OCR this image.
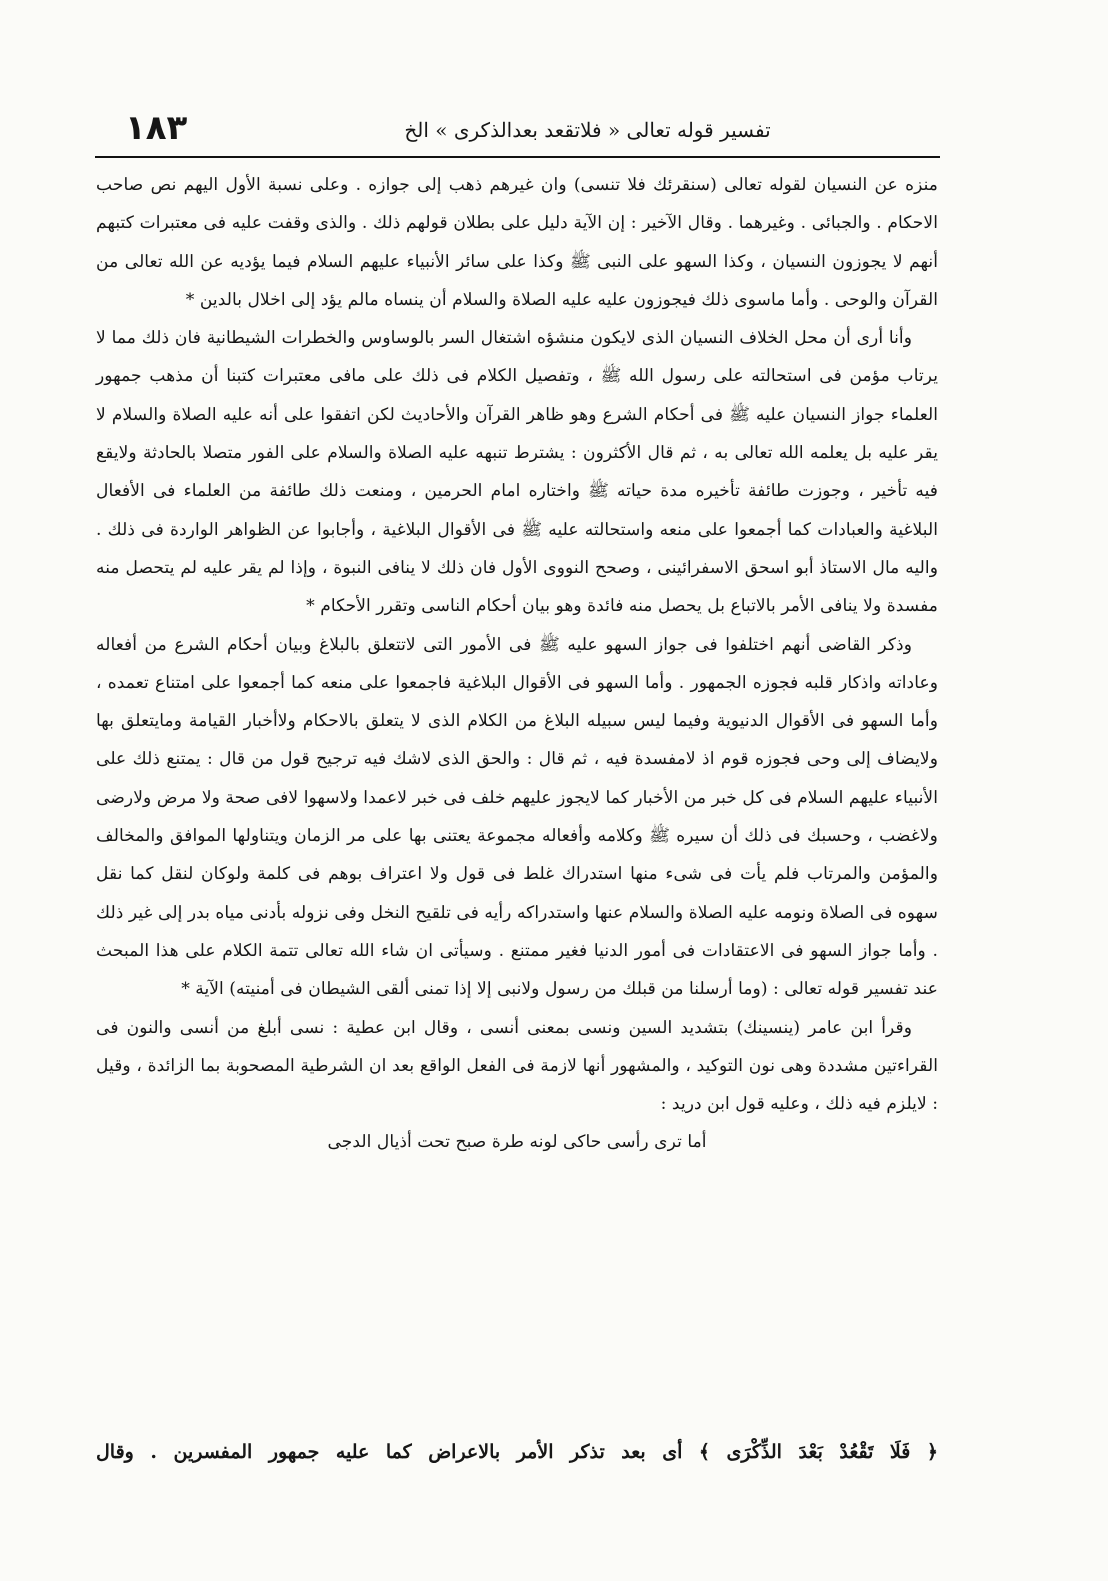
١٨٣	تفسير قوله تعالى « فلاتقعد بعدالذكرى » الخ

منزه عن النسيان لقوله تعالى (سنقرئك فلا تنسى) وان غيرهم ذهب إلى جوازه . وعلى نسبة الأول اليهم نص صاحب الاحكام . والجبائى . وغيرهما . وقال الآخير : إن الآية دليل على بطلان قولهم ذلك . والذى وقفت عليه فى معتبرات كتبهم أنهم لا يجوزون النسيان ، وكذا السهو على النبى ﷺ وكذا على سائر الأنبياء عليهم السلام فيما يؤديه عن الله تعالى من القرآن والوحى . وأما ماسوى ذلك فيجوزون عليه عليه الصلاة والسلام أن ينساه مالم يؤد إلى اخلال بالدين *

وأنا أرى أن محل الخلاف النسيان الذى لايكون منشؤه اشتغال السر بالوساوس والخطرات الشيطانية فان ذلك مما لا يرتاب مؤمن فى استحالته على رسول الله ﷺ ، وتفصيل الكلام فى ذلك على مافى معتبرات كتبنا أن مذهب جمهور العلماء جواز النسيان عليه ﷺ فى أحكام الشرع وهو ظاهر القرآن والأحاديث لكن اتفقوا على أنه عليه الصلاة والسلام لا يقر عليه بل يعلمه الله تعالى به ، ثم قال الأكثرون : يشترط تنبهه عليه الصلاة والسلام على الفور متصلا بالحادثة ولايقع فيه تأخير ، وجوزت طائفة تأخيره مدة حياته ﷺ واختاره امام الحرمين ، ومنعت ذلك طائفة من العلماء فى الأفعال البلاغية والعبادات كما أجمعوا على منعه واستحالته عليه ﷺ فى الأقوال البلاغية ، وأجابوا عن الظواهر الواردة فى ذلك . واليه مال الاستاذ أبو اسحق الاسفرائينى ، وصحح النووى الأول فان ذلك لا ينافى النبوة ، وإذا لم يقر عليه لم يتحصل منه مفسدة ولا ينافى الأمر بالاتباع بل يحصل منه فائدة وهو بيان أحكام الناسى وتقرر الأحكام *

وذكر القاضى أنهم اختلفوا فى جواز السهو عليه ﷺ فى الأمور التى لاتتعلق بالبلاغ وبيان أحكام الشرع من أفعاله وعاداته واذكار قلبه فجوزه الجمهور . وأما السهو فى الأقوال البلاغية فاجمعوا على منعه كما أجمعوا على امتناع تعمده ، وأما السهو فى الأقوال الدنيوية وفيما ليس سبيله البلاغ من الكلام الذى لا يتعلق بالاحكام ولاأخبار القيامة ومايتعلق بها ولايضاف إلى وحى فجوزه قوم اذ لامفسدة فيه ، ثم قال : والحق الذى لاشك فيه ترجيح قول من قال : يمتنع ذلك على الأنبياء عليهم السلام فى كل خبر من الأخبار كما لايجوز عليهم خلف فى خبر لاعمدا ولاسهوا لافى صحة ولا مرض ولارضى ولاغضب ، وحسبك فى ذلك أن سيره ﷺ وكلامه وأفعاله مجموعة يعتنى بها على مر الزمان ويتناولها الموافق والمخالف والمؤمن والمرتاب فلم يأت فى شىء منها استدراك غلط فى قول ولا اعتراف بوهم فى كلمة ولوكان لنقل كما نقل سهوه فى الصلاة ونومه عليه الصلاة والسلام عنها واستدراكه رأيه فى تلقيح النخل وفى نزوله بأدنى مياه بدر إلى غير ذلك . وأما جواز السهو فى الاعتقادات فى أمور الدنيا فغير ممتنع . وسيأتى ان شاء الله تعالى تتمة الكلام على هذا المبحث عند تفسير قوله تعالى : (وما أرسلنا من قبلك من رسول ولانبى إلا إذا تمنى ألقى الشيطان فى أمنيته) الآية *

وقرأ ابن عامر (ينسينك) بتشديد السين ونسى بمعنى أنسى ، وقال ابن عطية : نسى أبلغ من أنسى والنون فى القراءتين مشددة وهى نون التوكيد ، والمشهور أنها لازمة فى الفعل الواقع بعد ان الشرطية المصحوبة بما الزائدة ، وقيل : لايلزم فيه ذلك ، وعليه قول ابن دريد :

أما ترى رأسى حاكى لونه طرة صبح تحت أذيال الدجى

﴿ فَلَا تَقْعُدْ بَعْدَ الذِّكْرَى ﴾ أى بعد تذكر الأمر بالاعراض كما عليه جمهور المفسرين . وقال
